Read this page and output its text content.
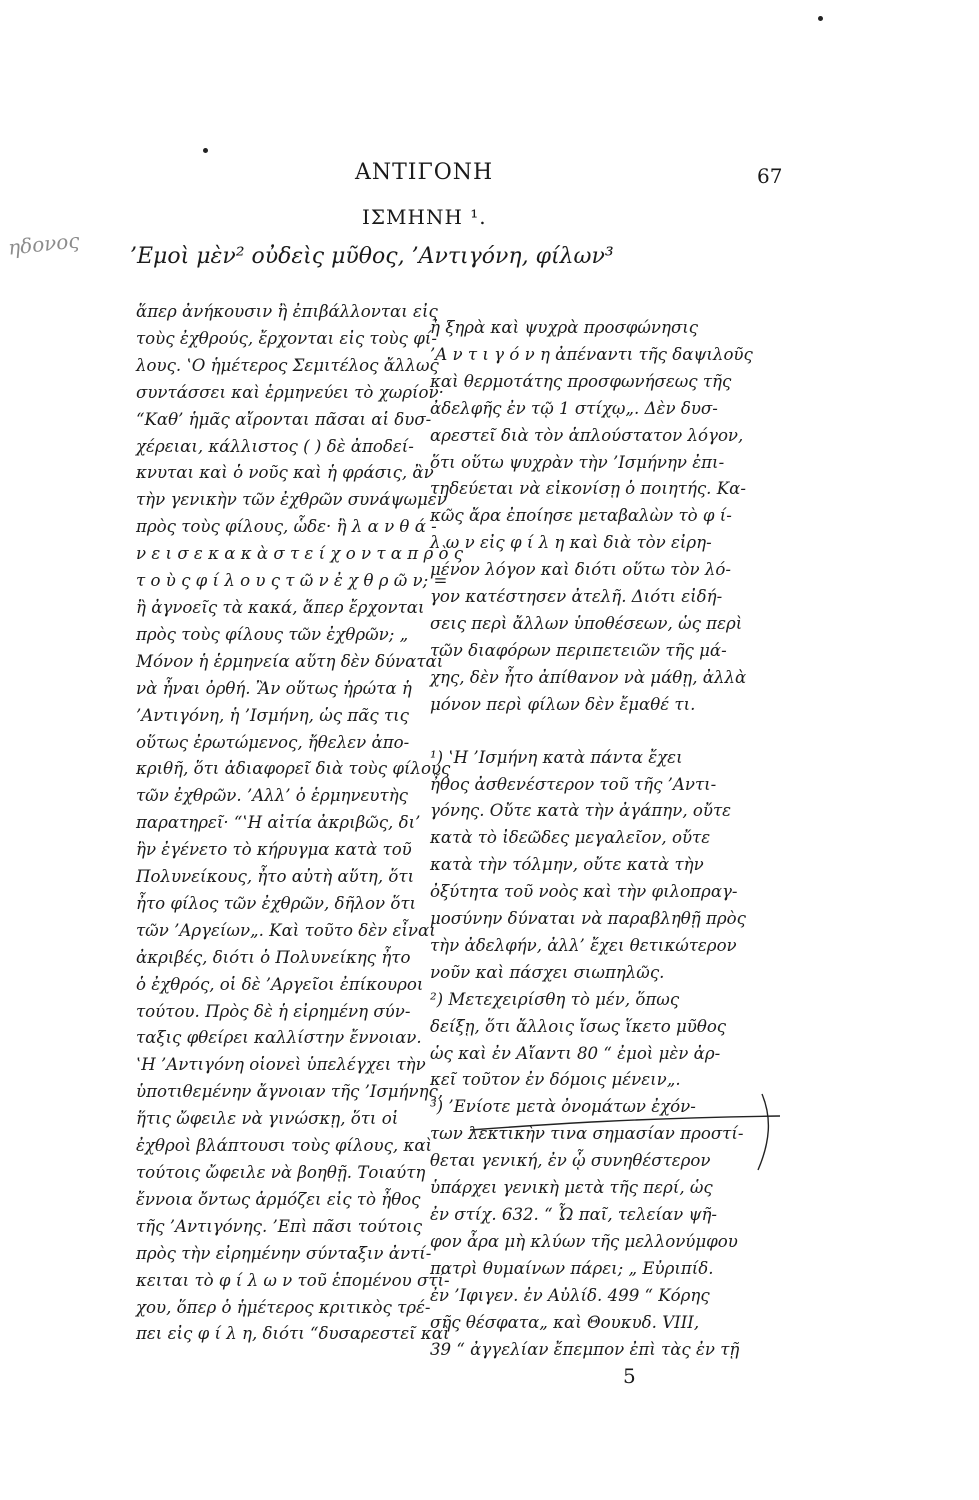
ΑΝΤΙΓΟΝΗ	67
ΙΣΜΗΝΗ ¹.
ηδονος ’Εμοὶ μὲν² οὐδεὶς μῦθος, ’Αντιγόνη, φίλων³
ἅπερ ἀνήκουσιν ἢ ἐπιβάλλονται εἰς
τοὺς ἐχθρούς, ἔρχονται εἰς τοὺς φί-
λους. ‛Ο ἡμέτερος Σεμιτέλος ἄλλως
συντάσσει καὶ ἑρμηνεύει τὸ χωρίον·
“Καθ’ ἡμᾶς αἴρονται πᾶσαι αἱ δυσ-
χέρειαι, κάλλιστος ( ) δὲ ἀποδεί-
κνυται καὶ ὁ νοῦς καὶ ἡ φράσις, ἂν
τὴν γενικὴν τῶν ἐχθρῶν συνάψωμεν
πρὸς τοὺς φίλους, ὧδε· ἢ λ α ν θ ά -
ν ε ι σ ε κ α κ ὰ σ τ ε ί χ ο ν τ α π ρ ὸ ς
τ ο ὺ ς φ ί λ ο υ ς τ ῶ ν ἐ χ θ ρ ῶ ν; =
ἢ ἀγνοεῖς τὰ κακά, ἅπερ ἔρχονται
πρὸς τοὺς φίλους τῶν ἐχθρῶν; „
Μόνον ἡ ἑρμηνεία αὕτη δὲν δύναται
νὰ ἦναι ὀρθή. Ἂν οὕτως ἠρώτα ἡ
’Αντιγόνη, ἡ ’Ισμήνη, ὡς πᾶς τις
οὕτως ἐρωτώμενος, ἤθελεν ἀπο-
κριθῆ, ὅτι ἀδιαφορεῖ διὰ τοὺς φίλους
τῶν ἐχθρῶν. ’Αλλ’ ὁ ἑρμηνευτὴς
παρατηρεῖ· “‛Η αἰτία ἀκριβῶς, δι’
ἣν ἐγένετο τὸ κήρυγμα κατὰ τοῦ
Πολυνείκους, ἦτο αὐτὴ αὕτη, ὅτι
ἦτο φίλος τῶν ἐχθρῶν, δῆλον ὅτι
τῶν ’Αργείων„. Καὶ τοῦτο δὲν εἶναι
ἀκριβές, διότι ὁ Πολυνείκης ἦτο
ὁ ἐχθρός, οἱ δὲ ’Αργεῖοι ἐπίκουροι
τούτου. Πρὸς δὲ ἡ εἰρημένη σύν-
ταξις φθείρει καλλίστην ἔννοιαν.
‛Η ’Αντιγόνη οἱονεὶ ὑπελέγχει τὴν
ὑποτιθεμένην ἄγνοιαν τῆς ’Ισμήνης,
ἥτις ὤφειλε νὰ γινώσκῃ, ὅτι οἱ
ἐχθροὶ βλάπτουσι τοὺς φίλους, καὶ
τούτοις ὤφειλε νὰ βοηθῇ. Τοιαύτη
ἔννοια ὄντως ἁρμόζει εἰς τὸ ἦθος
τῆς ’Αντιγόνης. ’Επὶ πᾶσι τούτοις
πρὸς τὴν εἰρημένην σύνταξιν ἀντί-
κειται τὸ φ ί λ ω ν τοῦ ἑπομένου στί-
χου, ὅπερ ὁ ἡμέτερος κριτικὸς τρέ-
πει εἰς φ ί λ η, διότι “δυσαρεστεῖ καὶ
ἡ ξηρὰ καὶ ψυχρὰ προσφώνησις
’Α ν τ ι γ ό ν η ἀπέναντι τῆς δαψιλοῦς
καὶ θερμοτάτης προσφωνήσεως τῆς
ἀδελφῆς ἐν τῷ 1 στίχῳ„. Δὲν δυσ-
αρεστεῖ διὰ τὸν ἁπλούστατον λόγον,
ὅτι οὕτω ψυχρὰν τὴν ’Ισμήνην ἐπι-
τηδεύεται νὰ εἰκονίσῃ ὁ ποιητής. Κα-
κῶς ἄρα ἐποίησε μεταβαλὼν τὸ φ ί-
λ ω ν εἰς φ ί λ η καὶ διὰ τὸν εἰρη-
μένον λόγον καὶ διότι οὕτω τὸν λό-
γον κατέστησεν ἀτελῆ. Διότι εἰδή-
σεις περὶ ἄλλων ὑποθέσεων, ὡς περὶ
τῶν διαφόρων περιπετειῶν τῆς μά-
χης, δὲν ἦτο ἀπίθανον νὰ μάθῃ, ἀλλὰ
μόνον περὶ φίλων δὲν ἔμαθέ τι.
¹) ‛Η ’Ισμήνη κατὰ πάντα ἔχει
ἦθος ἀσθενέστερον τοῦ τῆς ’Αντι-
γόνης. Οὔτε κατὰ τὴν ἀγάπην, οὔτε
κατὰ τὸ ἰδεῶδες μεγαλεῖον, οὔτε
κατὰ τὴν τόλμην, οὔτε κατὰ τὴν
ὀξύτητα τοῦ νοὸς καὶ τὴν φιλοπραγ-
μοσύνην δύναται νὰ παραβληθῇ πρὸς
τὴν ἀδελφήν, ἀλλ’ ἔχει θετικώτερον
νοῦν καὶ πάσχει σιωπηλῶς.
²) Μετεχειρίσθη τὸ μέν, ὅπως
δείξῃ, ὅτι ἄλλοις ἴσως ἵκετο μῦθος
ὡς καὶ ἐν Αἴαντι 80 “ ἐμοὶ μὲν ἀρ-
κεῖ τοῦτον ἐν δόμοις μένειν„.
³) ’Ενίοτε μετὰ ὀνομάτων ἐχόν-
των λεκτικὴν τινα σημασίαν προστί-
θεται γενική, ἐν ᾧ συνηθέστερον
ὑπάρχει γενικὴ μετὰ τῆς περί, ὡς
ἐν στίχ. 632. “ Ὦ παῖ, τελείαν ψῆ-
φον ἆρα μὴ κλύων τῆς μελλονύμφου
πατρὶ θυμαίνων πάρει; „ Εὐριπίδ.
ἐν ’Ιφιγεν. ἐν Αὐλίδ. 499 “ Κόρης
σῆς θέσφατα„ καὶ Θουκυδ. VIII,
39 “ ἀγγελίαν ἔπεμπον ἐπὶ τὰς ἐν τῇ
5
